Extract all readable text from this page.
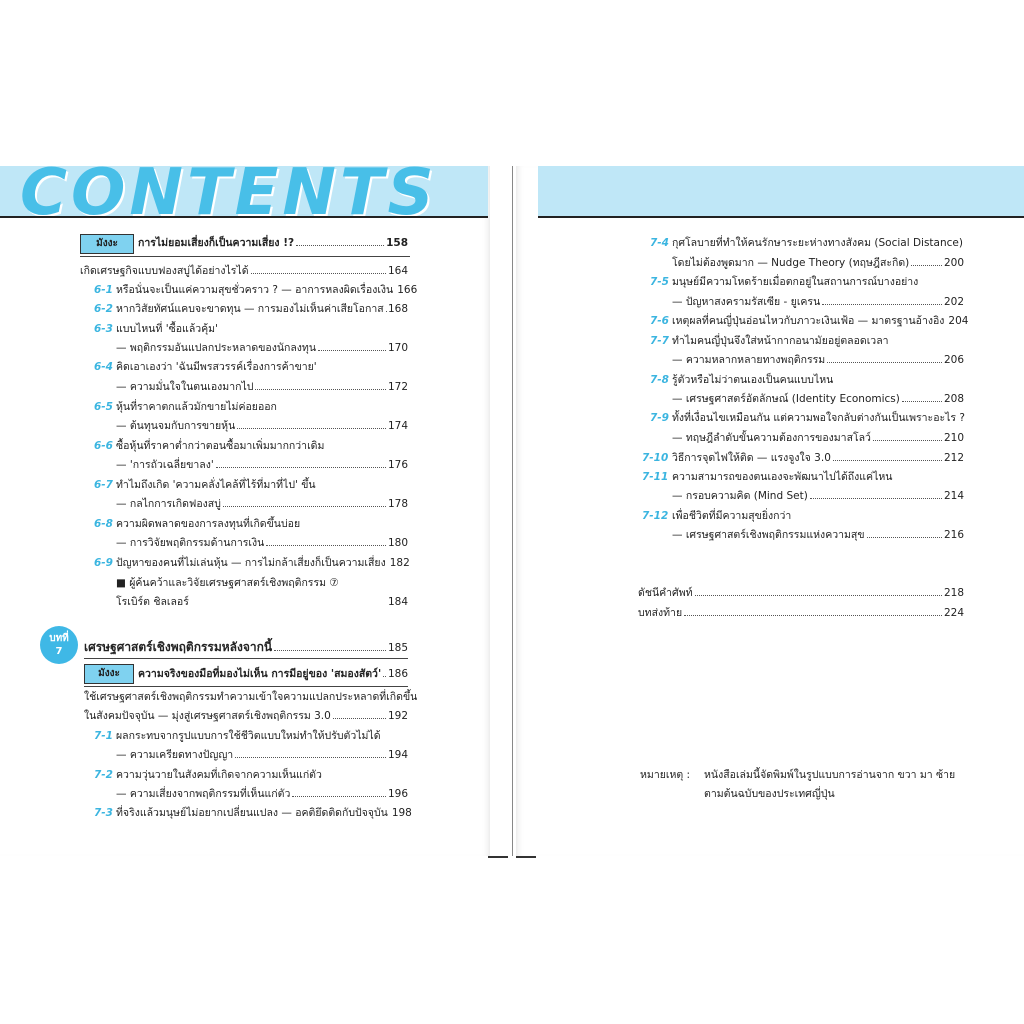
CONTENTS
มังงะ	การไม่ยอมเสี่ยงก็เป็นความเสี่ยง !?	158
เกิดเศรษฐกิจแบบฟองสบู่ได้อย่างไรได้	164
6-1 หรือนั่นจะเป็นแค่ความสุขชั่วคราว ? — อาการหลงผิดเรื่องเงิน 166
6-2 หากวิสัยทัศน์แคบจะขาดทุน — การมองไม่เห็นค่าเสียโอกาส 168
6-3 แบบไหนที่ 'ซื้อแล้วคุ้ม'
— พฤติกรรมอันแปลกประหลาดของนักลงทุน	170
6-4 คิดเอาเองว่า 'ฉันมีพรสวรรค์เรื่องการค้าขาย'
— ความมั่นใจในตนเองมากไป	172
6-5 หุ้นที่ราคาตกแล้วมักขายไม่ค่อยออก
— ต้นทุนจมกับการขายหุ้น	174
6-6 ซื้อหุ้นที่ราคาต่ำกว่าตอนซื้อมาเพิ่มมากกว่าเดิม
— 'การถัวเฉลี่ยขาลง'	176
6-7 ทำไมถึงเกิด 'ความคลั่งไคล้ที่ไร้ที่มาที่ไป' ขึ้น
— กลไกการเกิดฟองสบู่	178
6-8 ความผิดพลาดของการลงทุนที่เกิดขึ้นบ่อย
— การวิจัยพฤติกรรมด้านการเงิน	180
6-9 ปัญหาของคนที่ไม่เล่นหุ้น — การไม่กล้าเสี่ยงก็เป็นความเสี่ยง 182
■ ผู้ค้นคว้าและวิจัยเศรษฐศาสตร์เชิงพฤติกรรม ⑦
โรเบิร์ต ชิลเลอร์	184
บทที่
7	เศรษฐศาสตร์เชิงพฤติกรรมหลังจากนี้	185
มังงะ	ความจริงของมือที่มองไม่เห็น การมีอยู่ของ 'สมองสัตว์' 186
ใช้เศรษฐศาสตร์เชิงพฤติกรรมทำความเข้าใจความแปลกประหลาดที่เกิดขึ้น
ในสังคมปัจจุบัน — มุ่งสู่เศรษฐศาสตร์เชิงพฤติกรรม 3.0	192
7-1 ผลกระทบจากรูปแบบการใช้ชีวิตแบบใหม่ทำให้ปรับตัวไม่ได้
— ความเครียดทางปัญญา	194
7-2 ความวุ่นวายในสังคมที่เกิดจากความเห็นแก่ตัว
— ความเสี่ยงจากพฤติกรรมที่เห็นแก่ตัว	196
7-3 ที่จริงแล้วมนุษย์ไม่อยากเปลี่ยนแปลง — อคติยึดติดกับปัจจุบัน 198
7-4 กุศโลบายที่ทำให้คนรักษาระยะห่างทางสังคม (Social Distance)
โดยไม่ต้องพูดมาก — Nudge Theory (ทฤษฎีสะกิด)	200
7-5 มนุษย์มีความโหดร้ายเมื่อตกอยู่ในสถานการณ์บางอย่าง
— ปัญหาสงครามรัสเซีย - ยูเครน	202
7-6 เหตุผลที่คนญี่ปุ่นอ่อนไหวกับภาวะเงินเฟ้อ — มาตรฐานอ้างอิง 204
7-7 ทำไมคนญี่ปุ่นจึงใส่หน้ากากอนามัยอยู่ตลอดเวลา
— ความหลากหลายทางพฤติกรรม	206
7-8 รู้ตัวหรือไม่ว่าตนเองเป็นคนแบบไหน
— เศรษฐศาสตร์อัตลักษณ์ (Identity Economics)	208
7-9 ทั้งที่เงื่อนไขเหมือนกัน แต่ความพอใจกลับต่างกันเป็นเพราะอะไร ?
— ทฤษฎีลำดับขั้นความต้องการของมาสโลว์	210
7-10 วิธีการจุดไฟให้ติด — แรงจูงใจ 3.0	212
7-11 ความสามารถของตนเองจะพัฒนาไปได้ถึงแค่ไหน
— กรอบความคิด (Mind Set)	214
7-12 เพื่อชีวิตที่มีความสุขยิ่งกว่า
— เศรษฐศาสตร์เชิงพฤติกรรมแห่งความสุข	216
ดัชนีคำศัพท์	218
บทส่งท้าย	224
หมายเหตุ : หนังสือเล่มนี้จัดพิมพ์ในรูปแบบการอ่านจาก ขวา มา ซ้าย
ตามต้นฉบับของประเทศญี่ปุ่น
